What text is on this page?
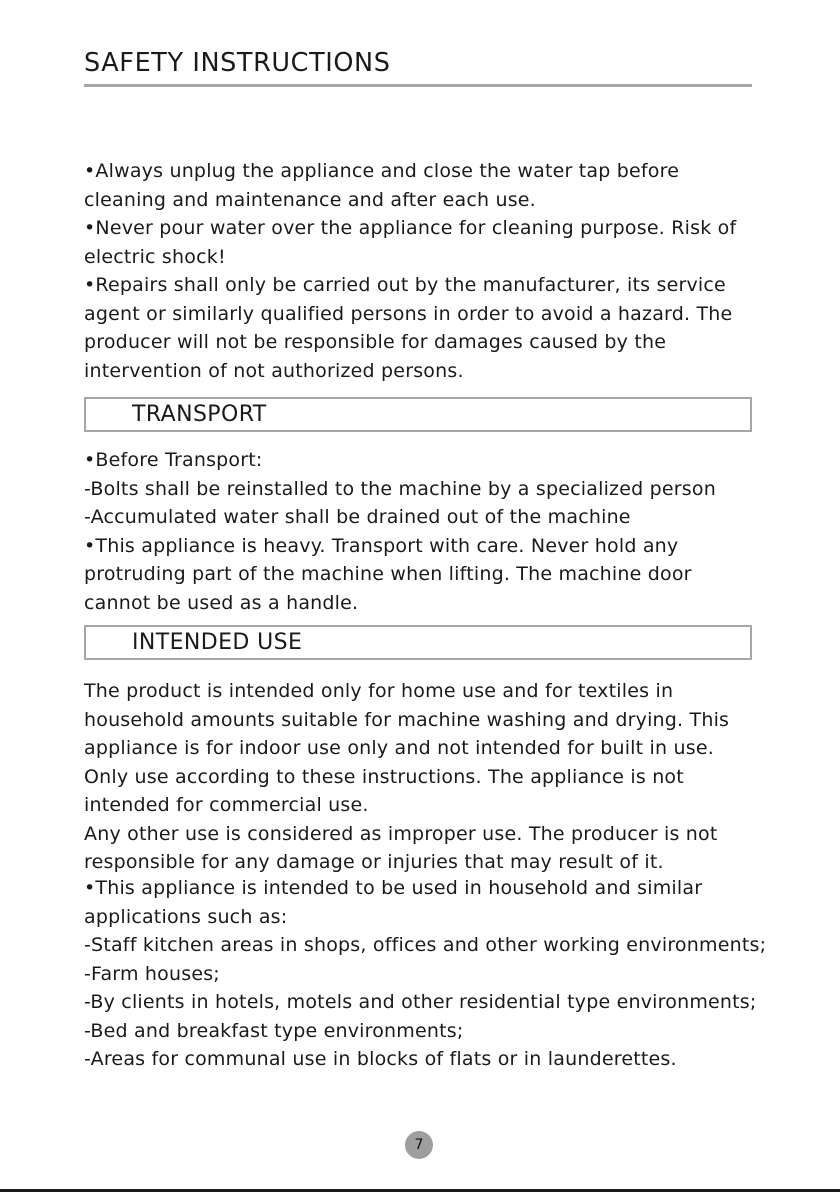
SAFETY INSTRUCTIONS

•Always unplug the appliance and close the water tap before

cleaning and maintenance and after each use.

•Never pour water over the appliance for cleaning purpose. Risk of

electric shock!

•Repairs shall only be carried out by the manufacturer, its service

agent or similarly qualified persons in order to avoid a hazard. The

producer will not be responsible for damages caused by the

intervention of not authorized persons.

TRANSPORT

•Before Transport:

-Bolts shall be reinstalled to the machine by a specialized person

-Accumulated water shall be drained out of the machine

•This appliance is heavy. Transport with care. Never hold any

protruding part of the machine when lifting. The machine door

cannot be used as a handle.

INTENDED USE

The product is intended only for home use and for textiles in

household amounts suitable for machine washing and drying. This

appliance is for indoor use only and not intended for built in use.

Only use according to these instructions. The appliance is not

intended for commercial use.

Any other use is considered as improper use. The producer is not

responsible for any damage or injuries that may result of it.

•This appliance is intended to be used in household and similar

applications such as:

-Staff kitchen areas in shops, offices and other working environments;

-Farm houses;

-By clients in hotels, motels and other residential type environments;

-Bed and breakfast type environments;

-Areas for communal use in blocks of flats or in launderettes.

7
